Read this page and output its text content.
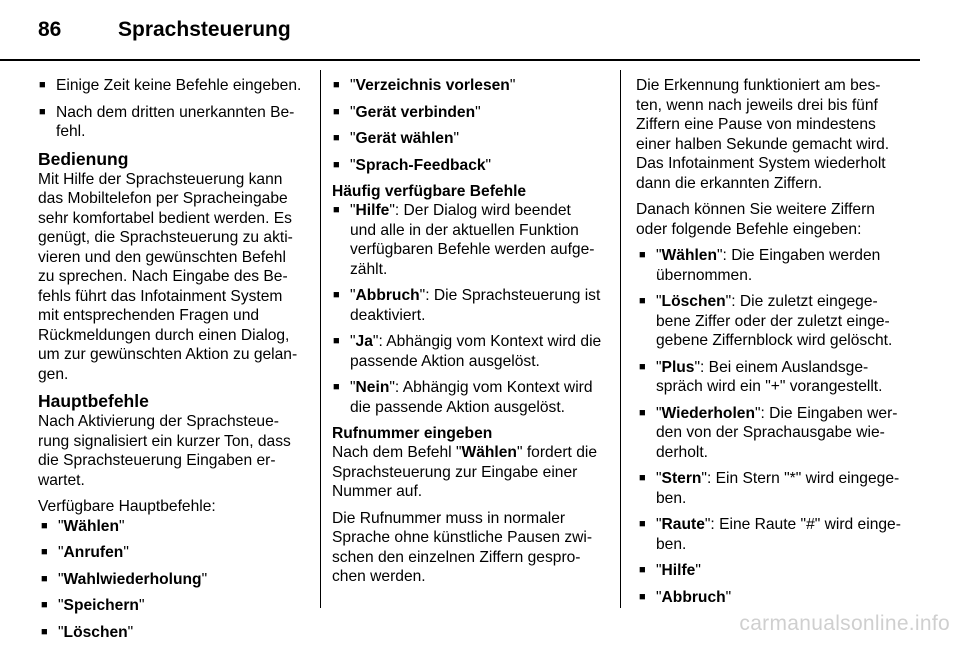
86	Sprachsteuerung
■ Einige Zeit keine Befehle eingeben.
■ Nach dem dritten unerkannten Be-
fehl.
Bedienung
Mit Hilfe der Sprachsteuerung kann
das Mobiltelefon per Spracheingabe
sehr komfortabel bedient werden. Es
genügt, die Sprachsteuerung zu akti-
vieren und den gewünschten Befehl
zu sprechen. Nach Eingabe des Be-
fehls führt das Infotainment System
mit entsprechenden Fragen und
Rückmeldungen durch einen Dialog,
um zur gewünschten Aktion zu gelan-
gen.
Hauptbefehle
Nach Aktivierung der Sprachsteue-
rung signalisiert ein kurzer Ton, dass
die Sprachsteuerung Eingaben er-
wartet.
Verfügbare Hauptbefehle:
■ "Wählen"
■ "Anrufen"
■ "Wahlwiederholung"
■ "Speichern"
■ "Löschen"
■ "Verzeichnis vorlesen"
■ "Gerät verbinden"
■ "Gerät wählen"
■ "Sprach-Feedback"
Häufig verfügbare Befehle
■ "Hilfe": Der Dialog wird beendet
und alle in der aktuellen Funktion
verfügbaren Befehle werden aufge-
zählt.
■ "Abbruch": Die Sprachsteuerung ist deaktiviert.
■ "Ja": Abhängig vom Kontext wird die passende Aktion ausgelöst.
■ "Nein": Abhängig vom Kontext wird die passende Aktion ausgelöst.
Rufnummer eingeben
Nach dem Befehl "Wählen" fordert die
Sprachsteuerung zur Eingabe einer
Nummer auf.
Die Rufnummer muss in normaler
Sprache ohne künstliche Pausen zwi-
schen den einzelnen Ziffern gespro-
chen werden.
Die Erkennung funktioniert am bes-
ten, wenn nach jeweils drei bis fünf
Ziffern eine Pause von mindestens
einer halben Sekunde gemacht wird.
Das Infotainment System wiederholt
dann die erkannten Ziffern.
Danach können Sie weitere Ziffern
oder folgende Befehle eingeben:
■ "Wählen": Die Eingaben werden
übernommen.
■ "Löschen": Die zuletzt eingege-
bene Ziffer oder der zuletzt einge-
gebene Ziffernblock wird gelöscht.
■ "Plus": Bei einem Auslandsge-
spräch wird ein "+" vorangestellt.
■ "Wiederholen": Die Eingaben wer-
den von der Sprachausgabe wie-
derholt.
■ "Stern": Ein Stern "*" wird eingege-
ben.
■ "Raute": Eine Raute "#" wird einge-
ben.
■ "Hilfe"
■ "Abbruch"
carmanualsonline.info
